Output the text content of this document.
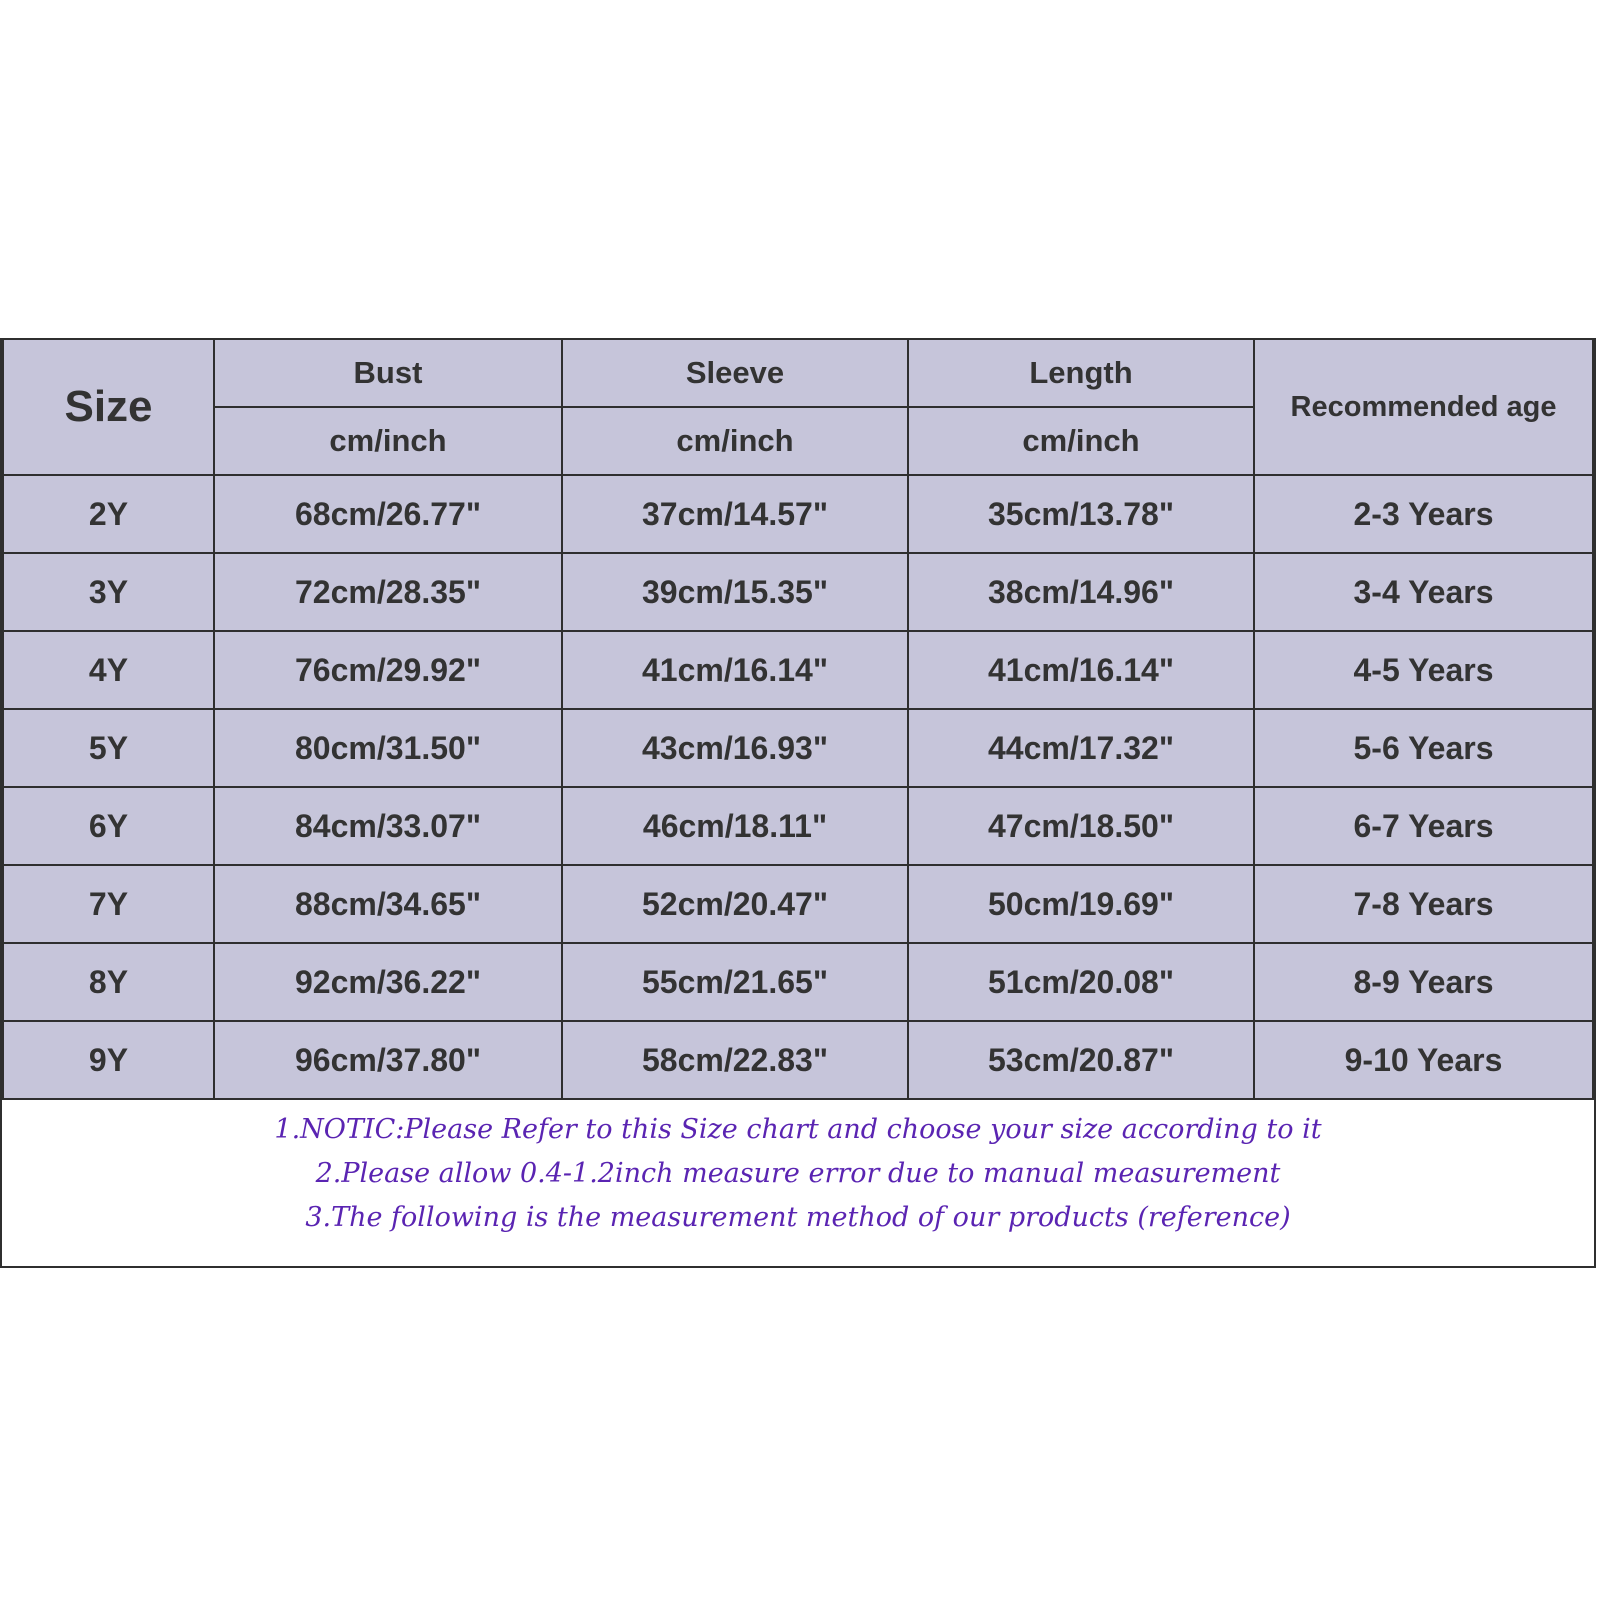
Size	Bust	Sleeve	Length	Recommended age
	cm/inch	cm/inch	cm/inch	
2Y	68cm/26.77"	37cm/14.57"	35cm/13.78"	2-3 Years
3Y	72cm/28.35"	39cm/15.35"	38cm/14.96"	3-4 Years
4Y	76cm/29.92"	41cm/16.14"	41cm/16.14"	4-5 Years
5Y	80cm/31.50"	43cm/16.93"	44cm/17.32"	5-6 Years
6Y	84cm/33.07"	46cm/18.11"	47cm/18.50"	6-7 Years
7Y	88cm/34.65"	52cm/20.47"	50cm/19.69"	7-8 Years
8Y	92cm/36.22"	55cm/21.65"	51cm/20.08"	8-9 Years
9Y	96cm/37.80"	58cm/22.83"	53cm/20.87"	9-10 Years
1.NOTIC:Please Refer to this Size chart and choose your size according to it
2.Please allow 0.4-1.2inch measure error due to manual measurement
3.The following is the measurement method of our products (reference)
